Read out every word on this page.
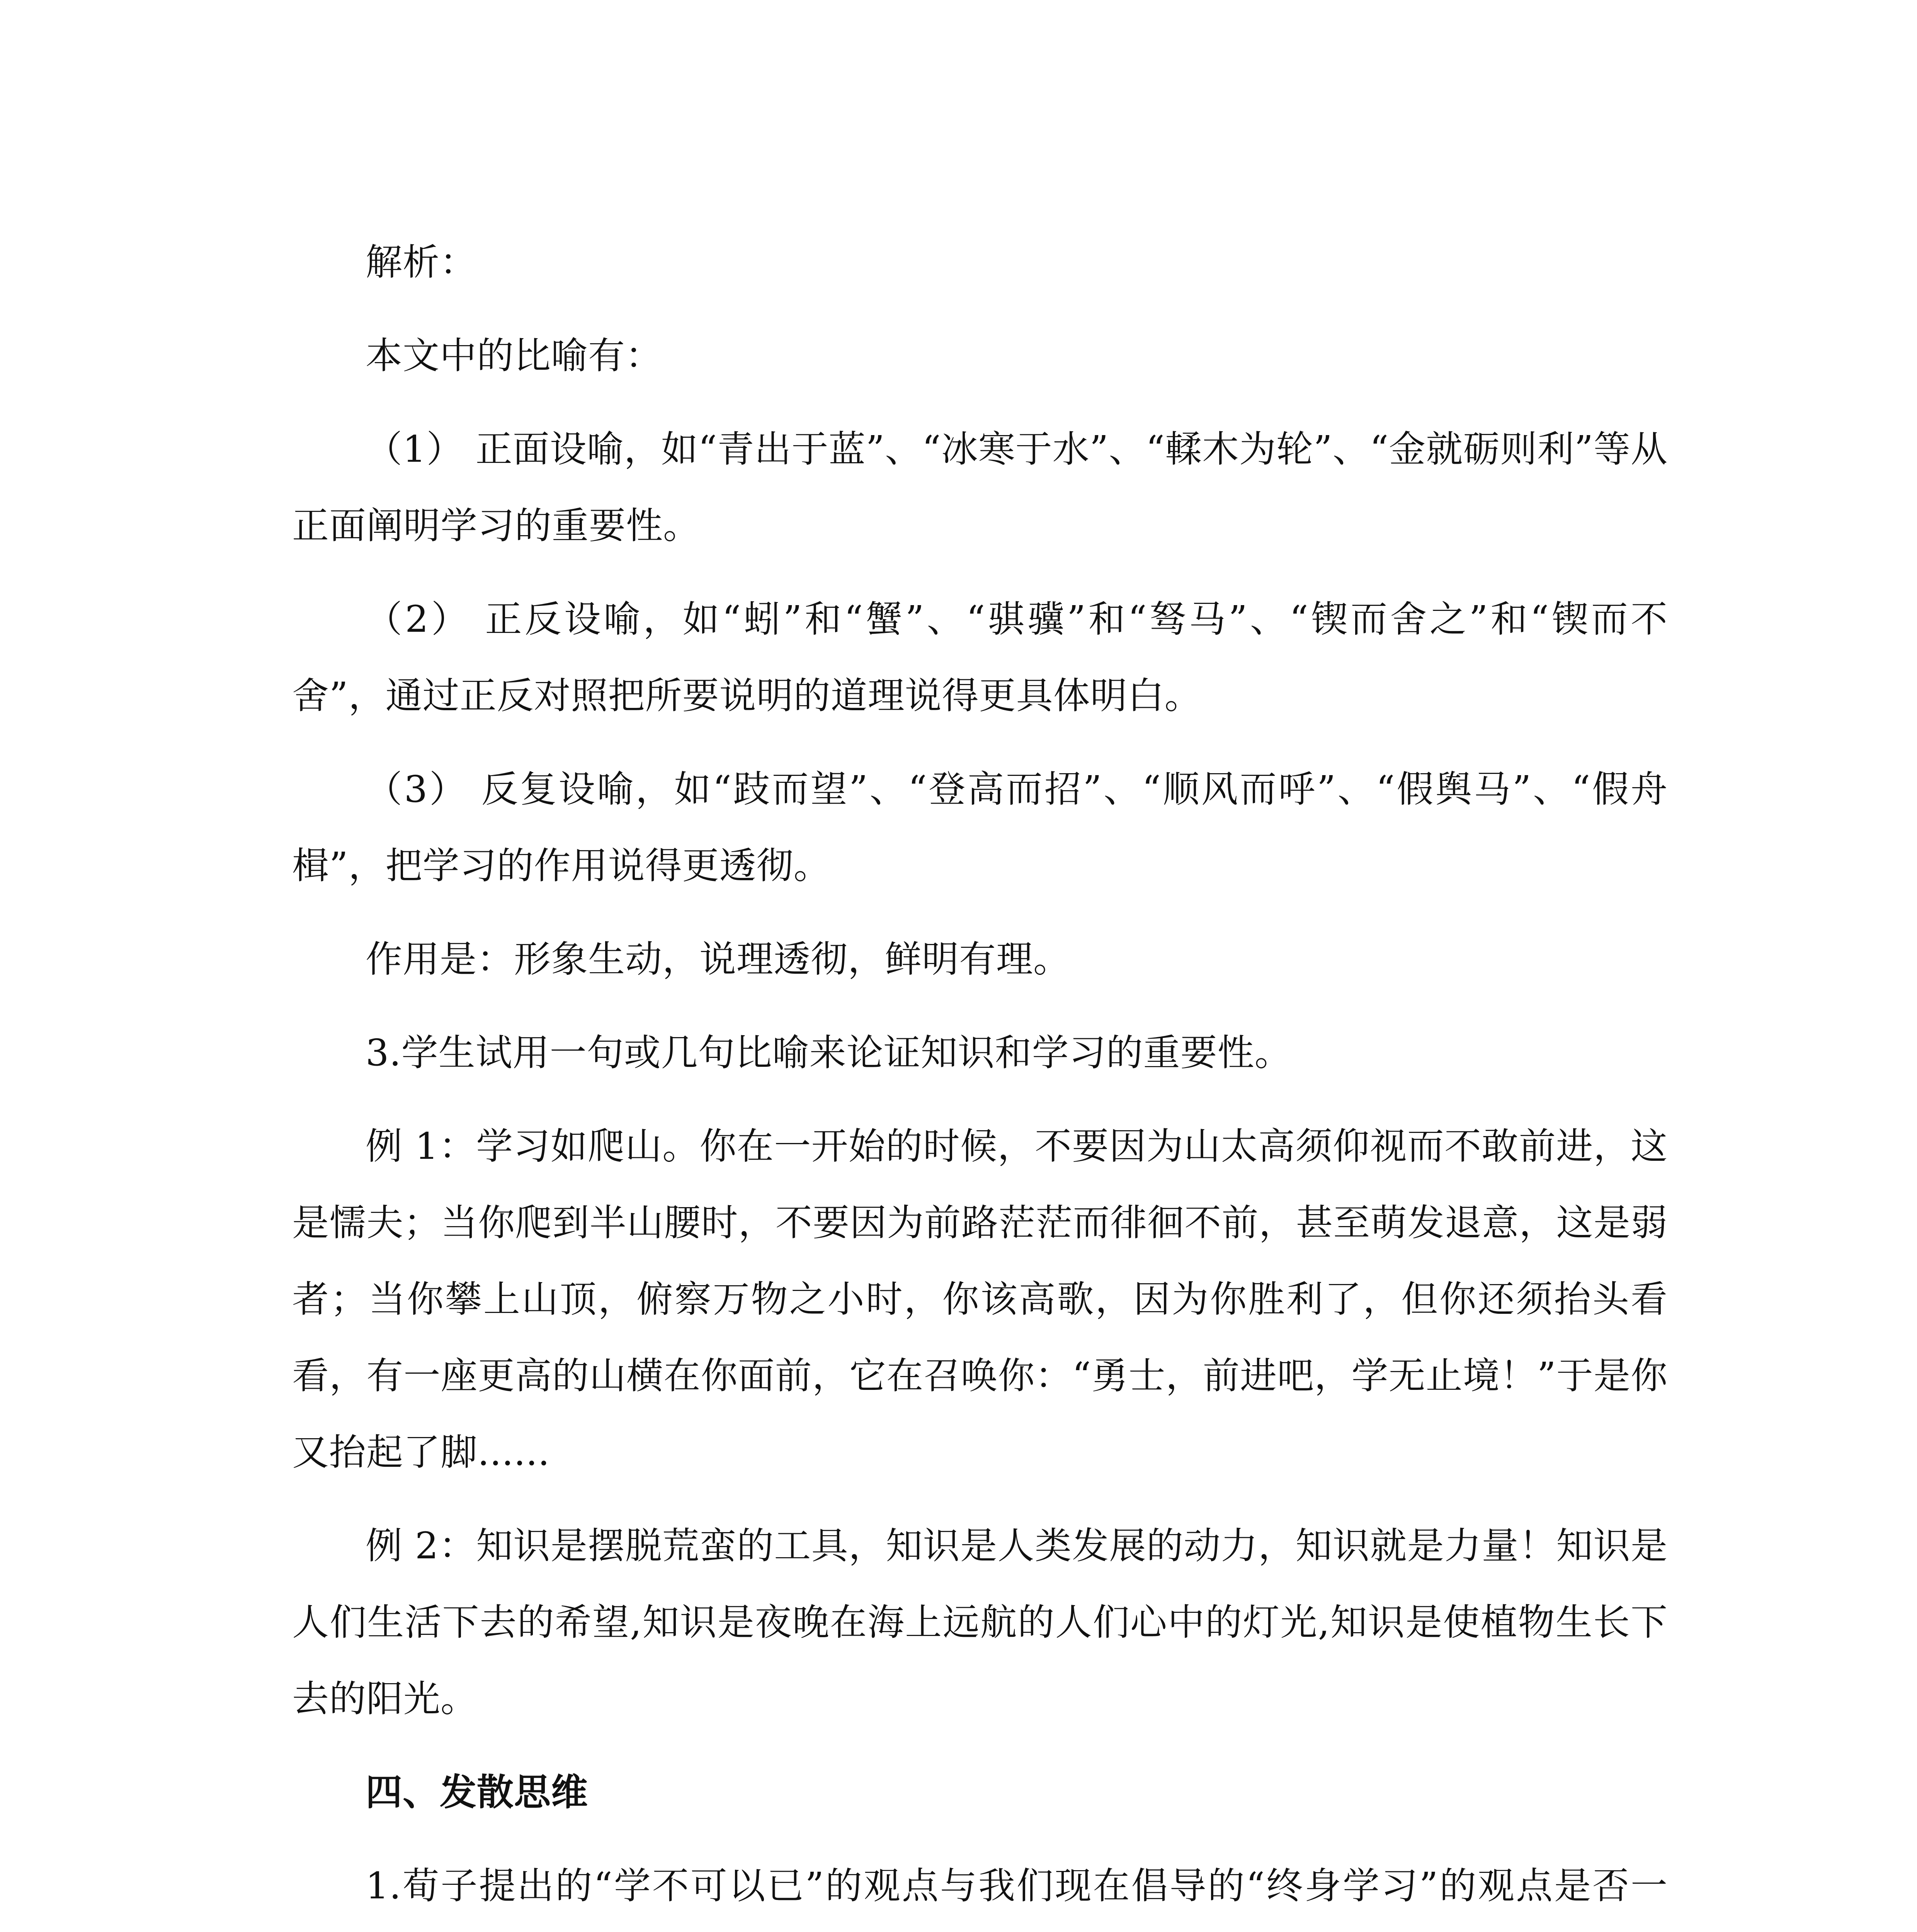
解析：

本文中的比喻有：

（1） 正面设喻，如“青出于蓝”、“冰寒于水”、“輮木为轮”、“金就砺则利”等从正面阐明学习的重要性。

（2） 正反设喻，如“蚓”和“蟹”、“骐骥”和“驽马”、“锲而舍之”和“锲而不舍”，通过正反对照把所要说明的道理说得更具体明白。

（3） 反复设喻，如“跂而望”、“登高而招”、“顺风而呼”、“假舆马”、“假舟楫”，把学习的作用说得更透彻。

作用是：形象生动，说理透彻，鲜明有理。

3.学生试用一句或几句比喻来论证知识和学习的重要性。

例 1：学习如爬山。你在一开始的时候，不要因为山太高须仰视而不敢前进，这是懦夫；当你爬到半山腰时，不要因为前路茫茫而徘徊不前，甚至萌发退意，这是弱者；当你攀上山顶，俯察万物之小时，你该高歌，因为你胜利了，但你还须抬头看看，有一座更高的山横在你面前，它在召唤你：“勇士，前进吧，学无止境！”于是你又抬起了脚......

例 2：知识是摆脱荒蛮的工具，知识是人类发展的动力，知识就是力量！知识是人们生活下去的希望,知识是夜晚在海上远航的人们心中的灯光,知识是使植物生长下去的阳光。

四、发散思维

1.荀子提出的“学不可以已”的观点与我们现在倡导的“终身学习”的观点是否一
